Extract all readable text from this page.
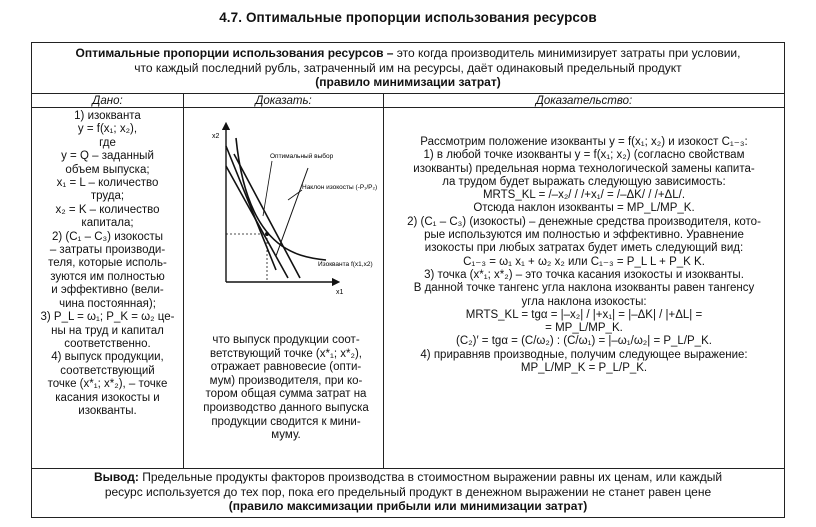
4.7. Оптимальные пропорции использования ресурсов
Оптимальные пропорции использования ресурсов – это когда производитель минимизирует затраты при условии,
что каждый последний рубль, затраченный им на ресурсы, даёт одинаковый предельный продукт
(правило минимизации затрат)
Дано:	Доказать:	Доказательство:
1) изокванта
y = f(x₁; x₂),
где
y = Q – заданный
объем выпуска;
x₁ = L – количество
труда;
x₂ = K – количество
капитала;
2) (C₁ – C₃) изокосты
– затраты производи-
теля, которые исполь-
зуются им полностью
и эффективно (вели-
чина постоянная);
3) P_L = ω₁; P_K = ω₂ це-
ны на труд и капитал
соответственно.
4) выпуск продукции,
соответствующий
точке (x*₁; x*₂), – точке
касания изокосты и
изокванты.
x2
x1
Оптимальный выбор
Наклон изокосты (-P₁/P₂)
Изокванта f(x1,x2)
что выпуск продукции соот-
ветствующий точке (x*₁; x*₂),
отражает равновесие (опти-
мум) производителя, при ко-
тором общая сумма затрат на
производство данного выпуска
продукции сводится к мини-
муму.
Рассмотрим положение изокванты y = f(x₁; x₂) и изокост C₁₋₃:
1) в любой точке изокванты y = f(x₁; x₂) (согласно свойствам
изокванты) предельная норма технологической замены капита-
ла трудом будет выражать следующую зависимость:
MRTS_KL = /–x₂/ / /+x₁/ = /–ΔK/ / /+ΔL/.
Отсюда наклон изокванты = MP_L/MP_K.
2) (C₁ – C₃) (изокосты) – денежные средства производителя, кото-
рые используются им полностью и эффективно. Уравнение
изокосты при любых затратах будет иметь следующий вид:
C₁₋₃ = ω₁ x₁ + ω₂ x₂ или C₁₋₃ = P_L L + P_K K.
3) точка (x*₁; x*₂) – это точка касания изокосты и изокванты.
В данной точке тангенс угла наклона изокванты равен тангенсу
угла наклона изокосты:
MRTS_KL = tgα = |–x₂| / |+x₁| = |–ΔK| / |+ΔL| =
= MP_L/MP_K.
(C₂)′ = tgα = (C/ω₂) : (C/ω₁) = |–ω₁/ω₂| = P_L/P_K.
4) приравняв производные, получим следующее выражение:
MP_L/MP_K = P_L/P_K.
Вывод: Предельные продукты факторов производства в стоимостном выражении равны их ценам, или каждый
ресурс используется до тех пор, пока его предельный продукт в денежном выражении не станет равен цене
(правило максимизации прибыли или минимизации затрат)
